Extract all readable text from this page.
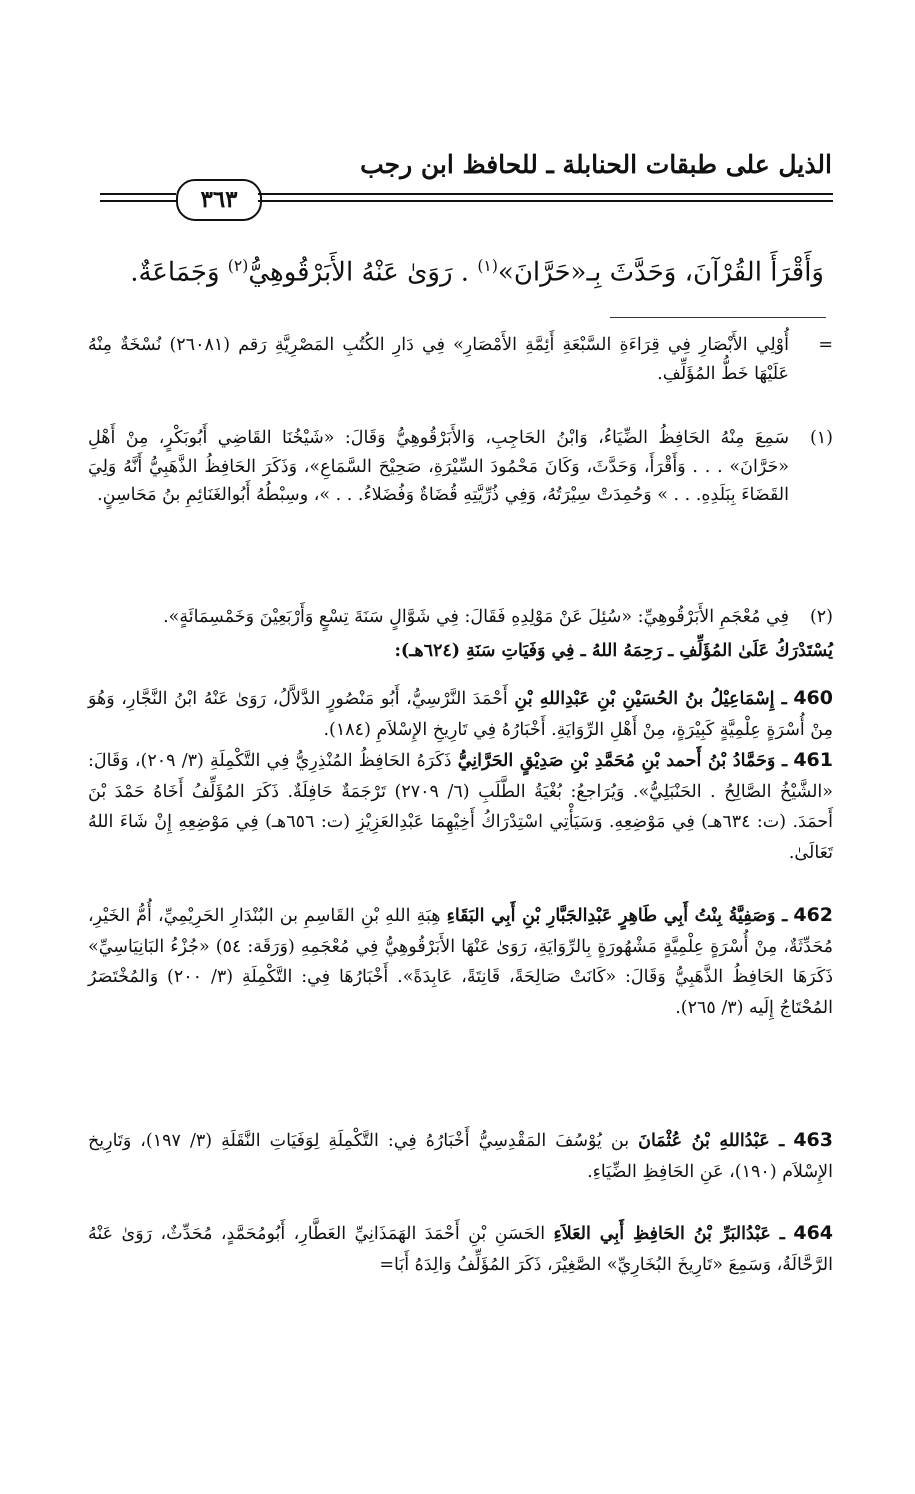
الذيل على طبقات الحنابلة ـ للحافظ ابن رجب
٣٦٣
وَأَقْرَأَ القُرْآنَ، وَحَدَّثَ بِـ«حَرَّانَ»$^{(١)}$ . رَوَىٰ عَنْهُ الأَبَرْقُوهِيُّ$^{(٢)}$ وَجَمَاعَةٌ.
=
أُوْلِي الأَبْصَارِ فِي قِرَاءَةِ السَّبْعَةِ أَئِمَّةِ الأَمْصَارِ» فِي دَارِ الكُتُبِ المَصْرِيَّةِ رَقم (٢٦٠٨١) نُسْخَةٌ مِنْهُ عَلَيْهَا خَطُّ المُؤَلِّفِ.
(١)
سَمِعَ مِنْهُ الحَافِظُ الضِّيَاءُ، وَابْنُ الحَاجِبِ، وَالأَبَرْقُوهِيُّ وَقَالَ: «شَيْخُنَا القَاضِي أَبُوبَكْرٍ، مِنْ أَهْلِ «حَرَّانَ» . . . وَأَقْرَأَ، وَحَدَّثَ، وَكَانَ مَحْمُودَ السِّيْرَةِ، صَحِيْحَ السَّمَاعِ»، وَذَكَرَ الحَافِظُ الذَّهَبِيُّ أَنَّهُ وَلِيَ القَضَاءَ بِبَلَدِهِ. . . » وَحُمِدَتْ سِيْرَتُهُ، وَفِي ذُرِّيَّتِهِ قُضَاةٌ وَفُضَلاءُ. . . »، وسِبْطُهُ أَبُوالغَنَائِمِ بنُ مَحَاسِنٍ.
(٢)
فِي مُعْجَمِ الأَبَرْقُوهِيِّ: «سُئِلَ عَنْ مَوْلِدِهِ فَقَالَ: فِي شَوَّالٍ سَنَةَ تِسْعٍ وَأَرْبَعِيْنَ وَخَمْسِمَائَةٍ».
يُسْتَدْرَكُ عَلَىٰ المُؤَلِّفِ ـ رَحِمَهُ اللهُ ـ فِي وَفَيَاتِ سَنَةِ (٦٢٤هـ):
460 ـ إِسْمَاعِيْلُ بنُ الحُسَيْنِ بْنِ عَبْدِاللهِ بْنِ أَحْمَدَ النَّرْسِيُّ، أَبُو مَنْصُورٍ الدَّلاَّلُ، رَوَىٰ عَنْهُ ابْنُ النَّجَّارِ، وَهُوَ مِنْ أُسْرَةٍ عِلْمِيَّةٍ كَبِيْرَةٍ، مِنْ أَهْلِ الرِّوَايَةِ. أَخْبَارُهُ فِي تَارِيخِ الإِسْلاَمِ (١٨٤).
461 ـ وَحَمَّادُ بْنُ أَحمد بْنِ مُحَمَّدِ بْنِ صَدِيْقٍ الحَرَّانِيُّ ذَكَرَهُ الحَافِظُ المُنْذِرِيُّ فِي التَّكْمِلَةِ (٣/ ٢٠٩)، وَقَالَ: «الشَّيْخُ الصَّالِحُ . الحَنْبَلِيُّ». وَيُرَاجعُ: بُغْيَةُ الطَّلَبِ (٦/ ٢٧٠٩) تَرْجَمَةٌ حَافِلَةٌ. ذَكَرَ المُؤَلِّفُ أَخَاهُ حَمْدَ بْنَ أَحمَدَ. (ت: ٦٣٤هـ) فِي مَوْضِعِهِ. وَسَيَأْتِي اسْتِدْرَاكُ أَخِيْهِمَا عَبْدِالعَزِيْزِ (ت: ٦٥٦هـ) فِي مَوْضِعِهِ إِنْ شَاءَ اللهُ تَعَالَىٰ.
462 ـ وَصَفِيَّةُ بِنْتُ أَبِي طَاهِرٍ عَبْدِالجَبَّارِ بْنِ أَبِي البَقَاءِ هِبَةِ اللهِ بْنِ القَاسِمِ بن البُنْدَارِ الحَرِيْمِيِّ، أُمُّ الخَيْرِ، مُحَدِّثَةٌ، مِنْ أُسْرَةٍ عِلْمِيَّةٍ مَشْهُورَةٍ بِالرِّوَايَةِ، رَوَىٰ عَنْهَا الأَبَرْقُوهِيُّ فِي مُعْجَمِهِ (وَرَقَة: ٥٤) «جُزْءُ البَانِيَاسِيِّ» ذَكَرَهَا الحَافِظُ الذَّهَبِيُّ وَقَالَ: «كَانَتْ صَالِحَةً، قَانِتَةً، عَابِدَةً». أَخْبَارُهَا فِي: التَّكْمِلَةِ (٣/ ٢٠٠) وَالمُخْتَصَرُ المُحْتَاجُ إِلَيه (٣/ ٢٦٥).
463 ـ عَبْدُاللهِ بْنُ عُثْمَانَ بن يُوْسُفَ المَقْدِسِيُّ أَخْبَارُهُ فِي: التَّكْمِلَةِ لِوَفَيَاتِ النَّقَلَةِ (٣/ ١٩٧)، وَتَارِيخ الإِسْلاَم (١٩٠)، عَنِ الحَافِظِ الضِّيَاءِ.
464 ـ عَبْدُالبَرِّ بْنُ الحَافِظِ أَبِي العَلاَءِ الحَسَنِ بْنِ أَحْمَدَ الهَمَذَانِيِّ العَطَّارِ، أَبُومُحَمَّدٍ، مُحَدِّثٌ، رَوَىٰ عَنْهُ الرَّحَّالَةُ، وَسَمِعَ «تَارِيخَ البُخَارِيِّ» الصَّغِيْرَ، ذَكَرَ المُؤَلِّفُ وَالِدَهُ أَبَا=
